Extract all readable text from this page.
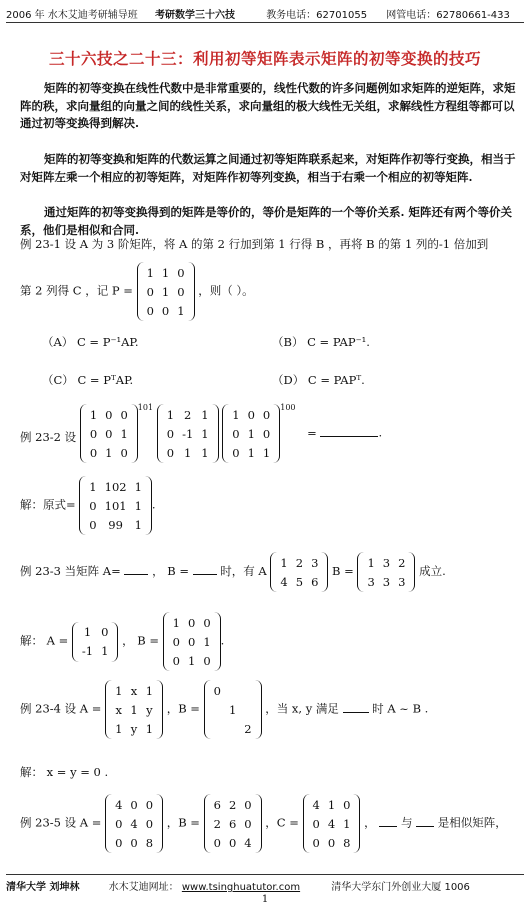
2006 年 水木艾迪考研辅导班 考研数学三十六技	教务电话：62701055 网管电话：62780661-433
三十六技之二十三：利用初等矩阵表示矩阵的初等变换的技巧
矩阵的初等变换在线性代数中是非常重要的，线性代数的许多问题例如求矩阵的逆矩阵，求矩阵的秩，求向量组的向量之间的线性关系，求向量组的极大线性无关组，求解线性方程组等都可以通过初等变换得到解决.
矩阵的初等变换和矩阵的代数运算之间通过初等矩阵联系起来，对矩阵作初等行变换，相当于对矩阵左乘一个相应的初等矩阵，对矩阵作初等列变换，相当于右乘一个相应的初等矩阵.
通过矩阵的初等变换得到的矩阵是等价的，等价是矩阵的一个等价关系. 矩阵还有两个等价关系，他们是相似和合同.
例 23-1 设 A 为 3 阶矩阵，将 A 的第 2 行加到第 1 行得 B ，再将 B 的第 1 列的-1 倍加到
第 2 列得 C ，记 P =
1	1	0
0	1	0
0	0	1
，则（ ）。
（A） C = P⁻¹AP.	（B） C = PAP⁻¹.
（C） C = PᵀAP.	（D） C = PAPᵀ.
例 23-2 设
1	0	0
0	0	1
0	1	0
$^{101}$
1	2	1
0	-1	1
0	1	1

1	0	0
0	1	0
0	1	1
$^{100}$ =	.
解：原式=
1	102	1
0	101	1
0	99	1
.
例 23-3 当矩阵 A=	， B =	时，有 A
1	2	3
4	5	6
B =
1	3	2
3	3	3
成立.
解： A =
1	0
-1	1
， B =
1	0	0
0	0	1
0	1	0
.
例 23-4 设 A =
1	x	1
x	1	y
1	y	1
，B =
0		
	1	
		2
，当 x, y 满足	时 A ~ B .
解： x = y = 0 .
例 23-5 设 A =
4	0	0
0	4	0
0	0	8
，B =
6	2	0
2	6	0
0	0	4
，C =
4	1	0
0	4	1
0	0	8
， 与 是相似矩阵，
清华大学 刘坤林	水木艾迪网址： www.tsinghuatutor.com	清华大学东门外创业大厦 1006
1
